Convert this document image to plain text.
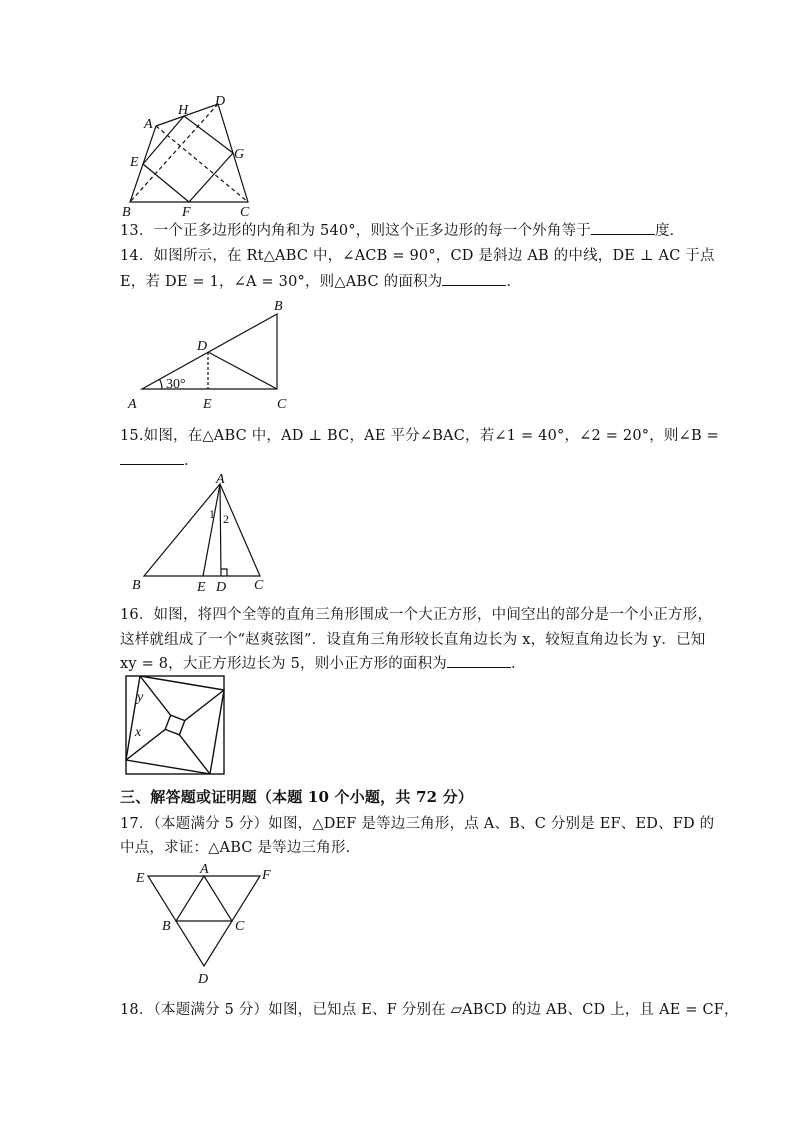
A
H
D
E
G
B	F	C
13．一个正多边形的内角和为 540°，则这个正多边形的每一个外角等于	度．
14．如图所示，在 Rt△ABC 中，∠ACB = 90°，CD 是斜边 AB 的中线，DE ⊥ AC 于点
E，若 DE = 1，∠A = 30°，则△ABC 的面积为	．
30°
B
D
A	E	C
15.如图，在△ABC 中，AD ⊥ BC，AE 平分∠BAC，若∠1 = 40°，∠2 = 20°，则∠B =
．
A
1 2
B	E D C
16．如图，将四个全等的直角三角形围成一个大正方形，中间空出的部分是一个小正方形，
这样就组成了一个“赵爽弦图”．设直角三角形较长直角边长为 x，较短直角边长为 y．已知
xy = 8，大正方形边长为 5，则小正方形的面积为	．
y
x
三、解答题或证明题（本题 10 个小题，共 72 分）
17．（本题满分 5 分）如图，△DEF 是等边三角形，点 A、B、C 分别是 EF、ED、FD 的
中点，求证：△ABC 是等边三角形．
E
A	F
B	C
D
18．（本题满分 5 分）如图，已知点 E、F 分别在 ▱ABCD 的边 AB、CD 上，且 AE = CF，
